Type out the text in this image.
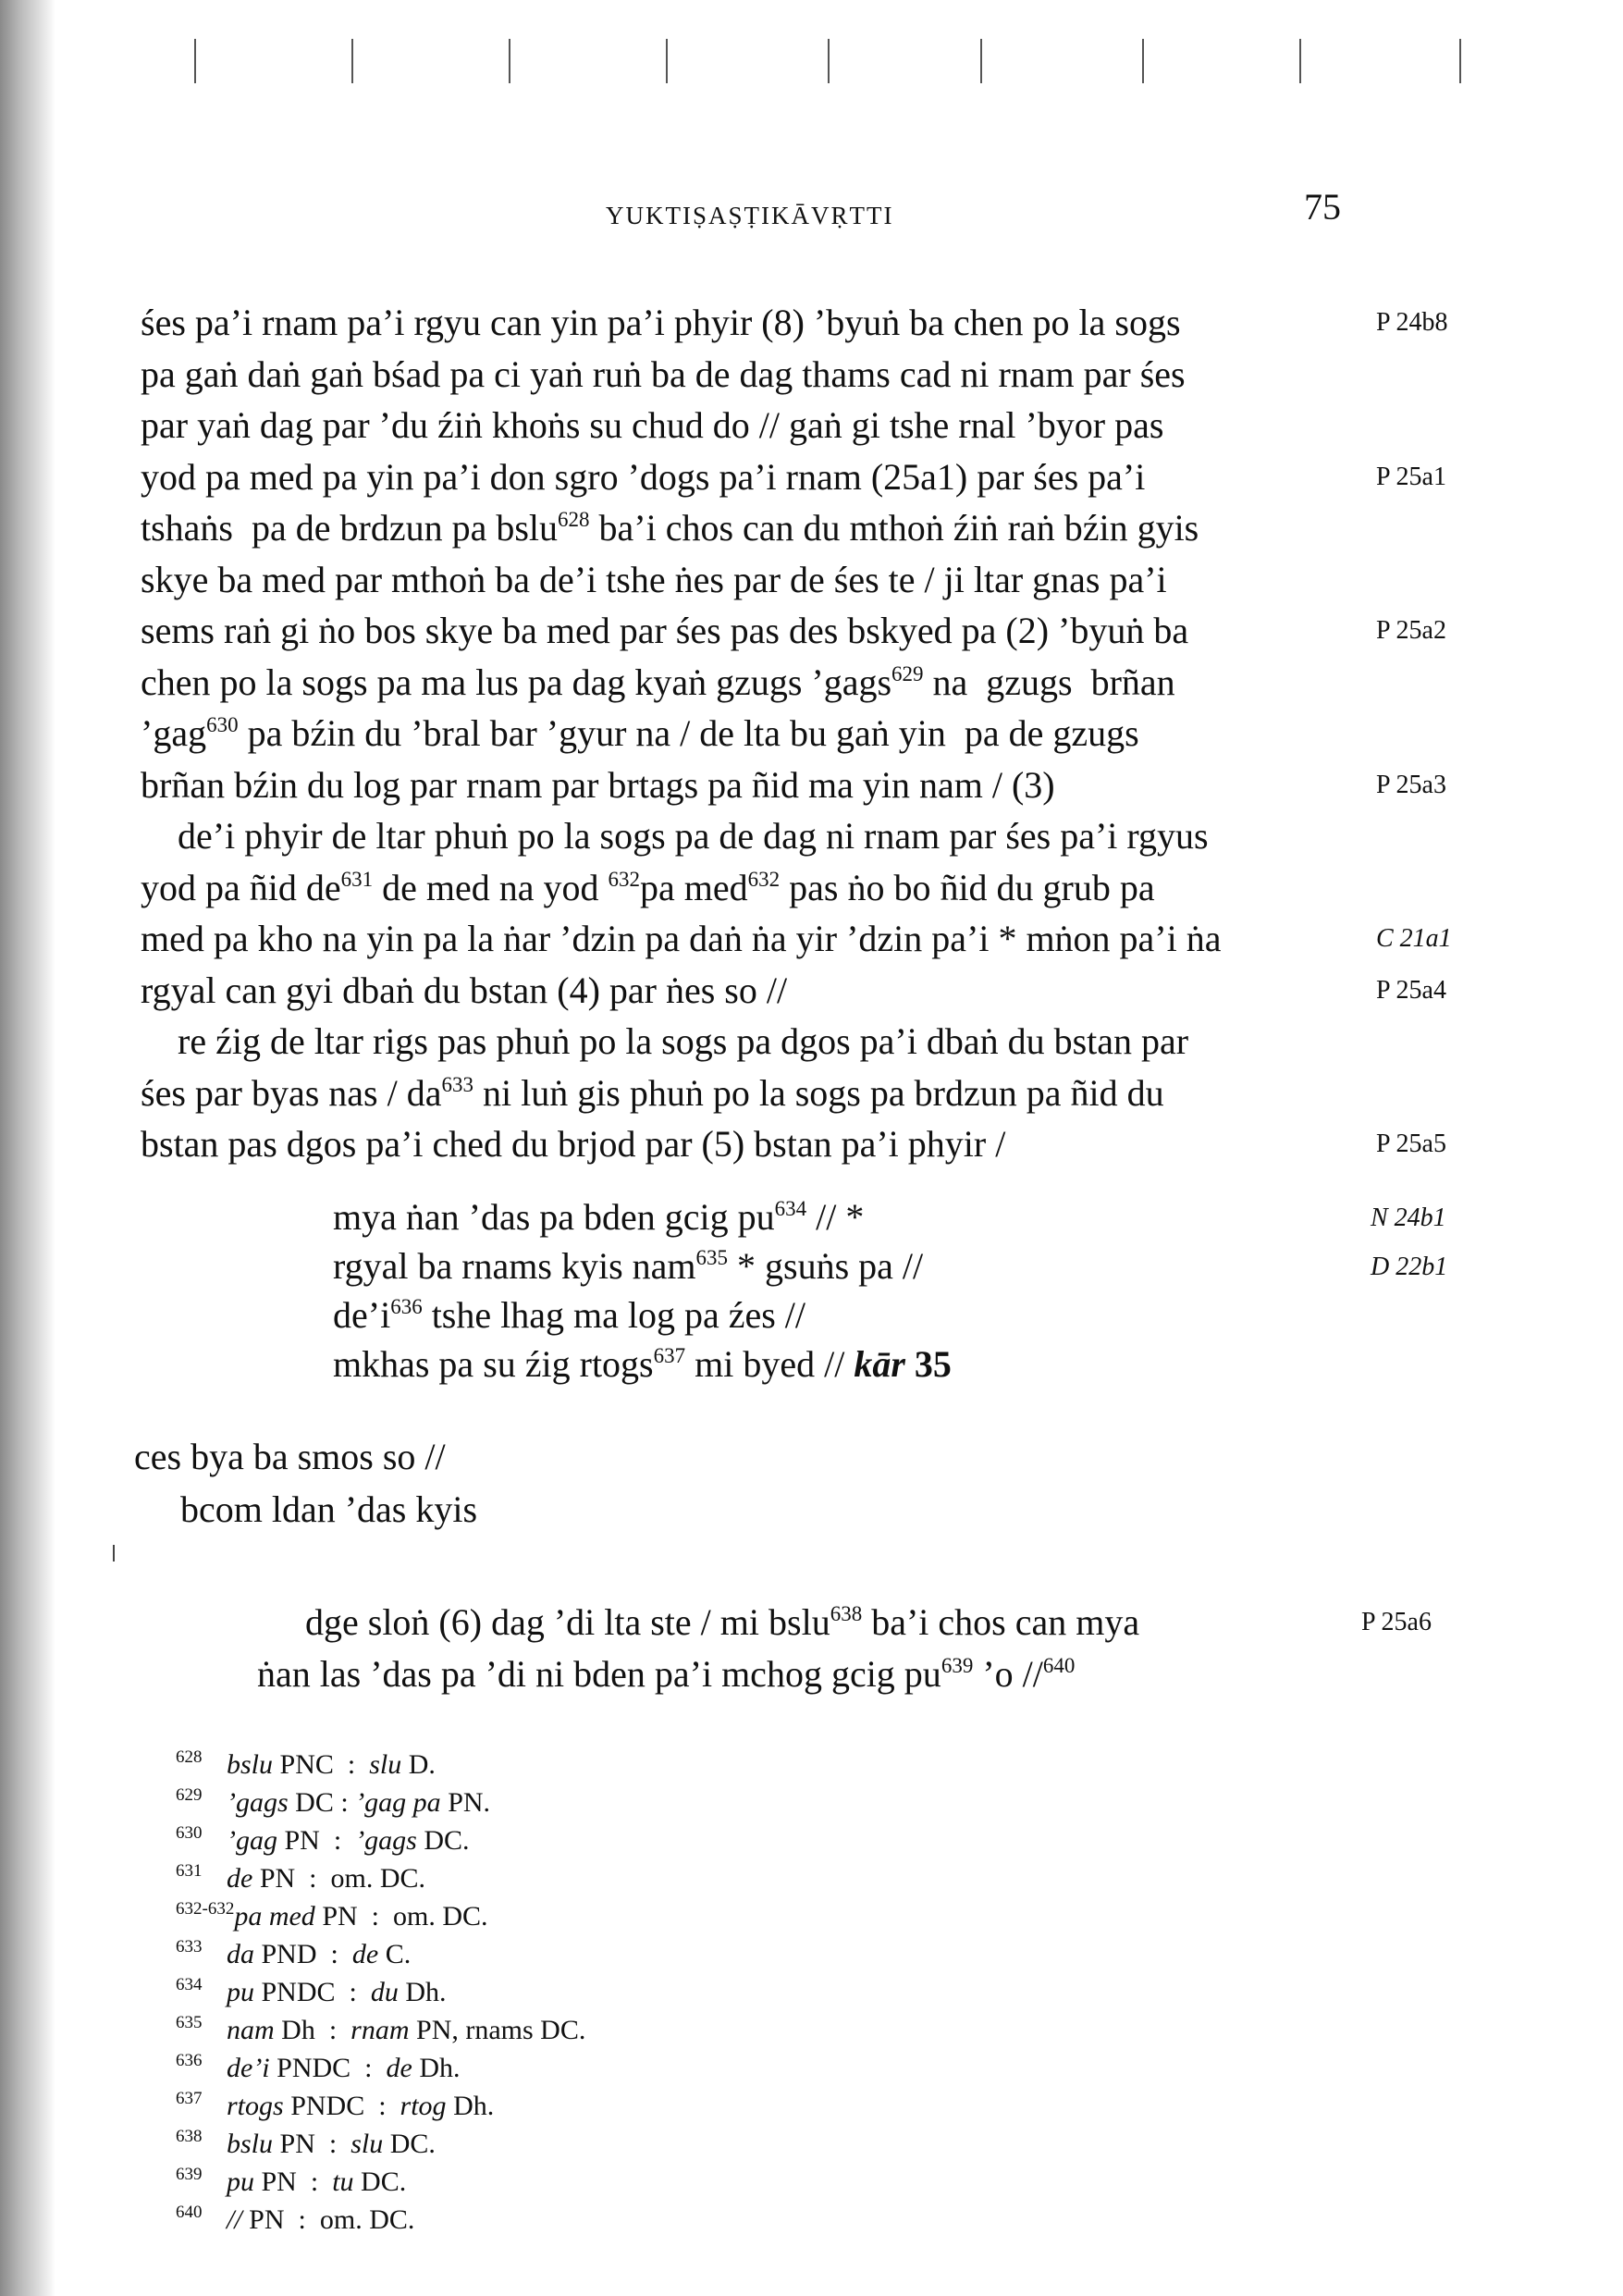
YUKTIṢAṢṬIKĀVṚTTI	75
śes pa’i rnam pa’i rgyu can yin pa’i phyir (8) ’byuṅ ba chen po la sogs	P 24b8
pa gaṅ daṅ gaṅ bśad pa ci yaṅ ruṅ ba de dag thams cad ni rnam par śes
par yaṅ dag par ’du źiṅ khoṅs su chud do // gaṅ gi tshe rnal ’byor pas
yod pa med pa yin pa’i don sgro ’dogs pa’i rnam (25a1) par śes pa’i	P 25a1
tshaṅs  pa de brdzun pa bslu$^{628}$ ba’i chos can du mthoṅ źiṅ raṅ bźin gyis
skye ba med par mthoṅ ba de’i tshe ṅes par de śes te / ji ltar gnas pa’i
sems raṅ gi ṅo bos skye ba med par śes pas des bskyed pa (2) ’byuṅ ba	P 25a2
chen po la sogs pa ma lus pa dag kyaṅ gzugs ’gags$^{629}$ na  gzugs  brñan
’gag$^{630}$ pa bźin du ’bral bar ’gyur na / de lta bu gaṅ yin  pa de gzugs
brñan bźin du log par rnam par brtags pa ñid ma yin nam / (3)	P 25a3
de’i phyir de ltar phuṅ po la sogs pa de dag ni rnam par śes pa’i rgyus
yod pa ñid $de^{631}$ de med na yod $^{632}$pa med$^{632}$ pas ṅo bo ñid du grub pa
med pa kho na yin pa la ṅar ’dzin pa daṅ ṅa yir ’dzin pa’i * mṅon pa’i ṅa	C 21a1
rgyal can gyi dbaṅ du bstan (4) par ṅes so //	P 25a4
re źig de ltar rigs pas phuṅ po la sogs pa dgos pa’i dbaṅ du bstan par
śes par byas nas / $da^{633}$ ni luṅ gis phuṅ po la sogs pa brdzun pa ñid du
bstan pas dgos pa’i ched du brjod par (5) bstan pa’i phyir /	P 25a5
mya ṅan ’das pa bden gcig $pu^{634}$ // *	N 24b1
rgyal ba rnams kyis nam$^{635}$ * gsuṅs pa //	D 22b1
$de’i^{636}$ tshe lhag ma log pa źes //
mkhas pa su źig rtogs$^{637}$ mi byed // kār 35
ces bya ba smos so //
bcom ldan ’das kyis
dge sloṅ (6) dag ’di lta ste / mi bslu$^{638}$ ba’i chos can mya	P 25a6
ṅan las ’das pa ’di ni bden pa’i mchog gcig $pu^{639}$ ’o //$^{640}$
628 bslu PNC  :  slu D.
629 ’gags DC : ’gag pa PN.
630 ’gag PN  :  ’gags DC.
631 de PN  :  om. DC.
632-632pa med PN  :  om. DC.
633 da PND  :  de C.
634 pu PNDC  :  du Dh.
635 nam Dh  :  rnam PN, rnams DC.
636 de’i PNDC  :  de Dh.
637 rtogs PNDC  :  rtog Dh.
638 bslu PN  :  slu DC.
639 pu PN  :  tu DC.
640 // PN  :  om. DC.
